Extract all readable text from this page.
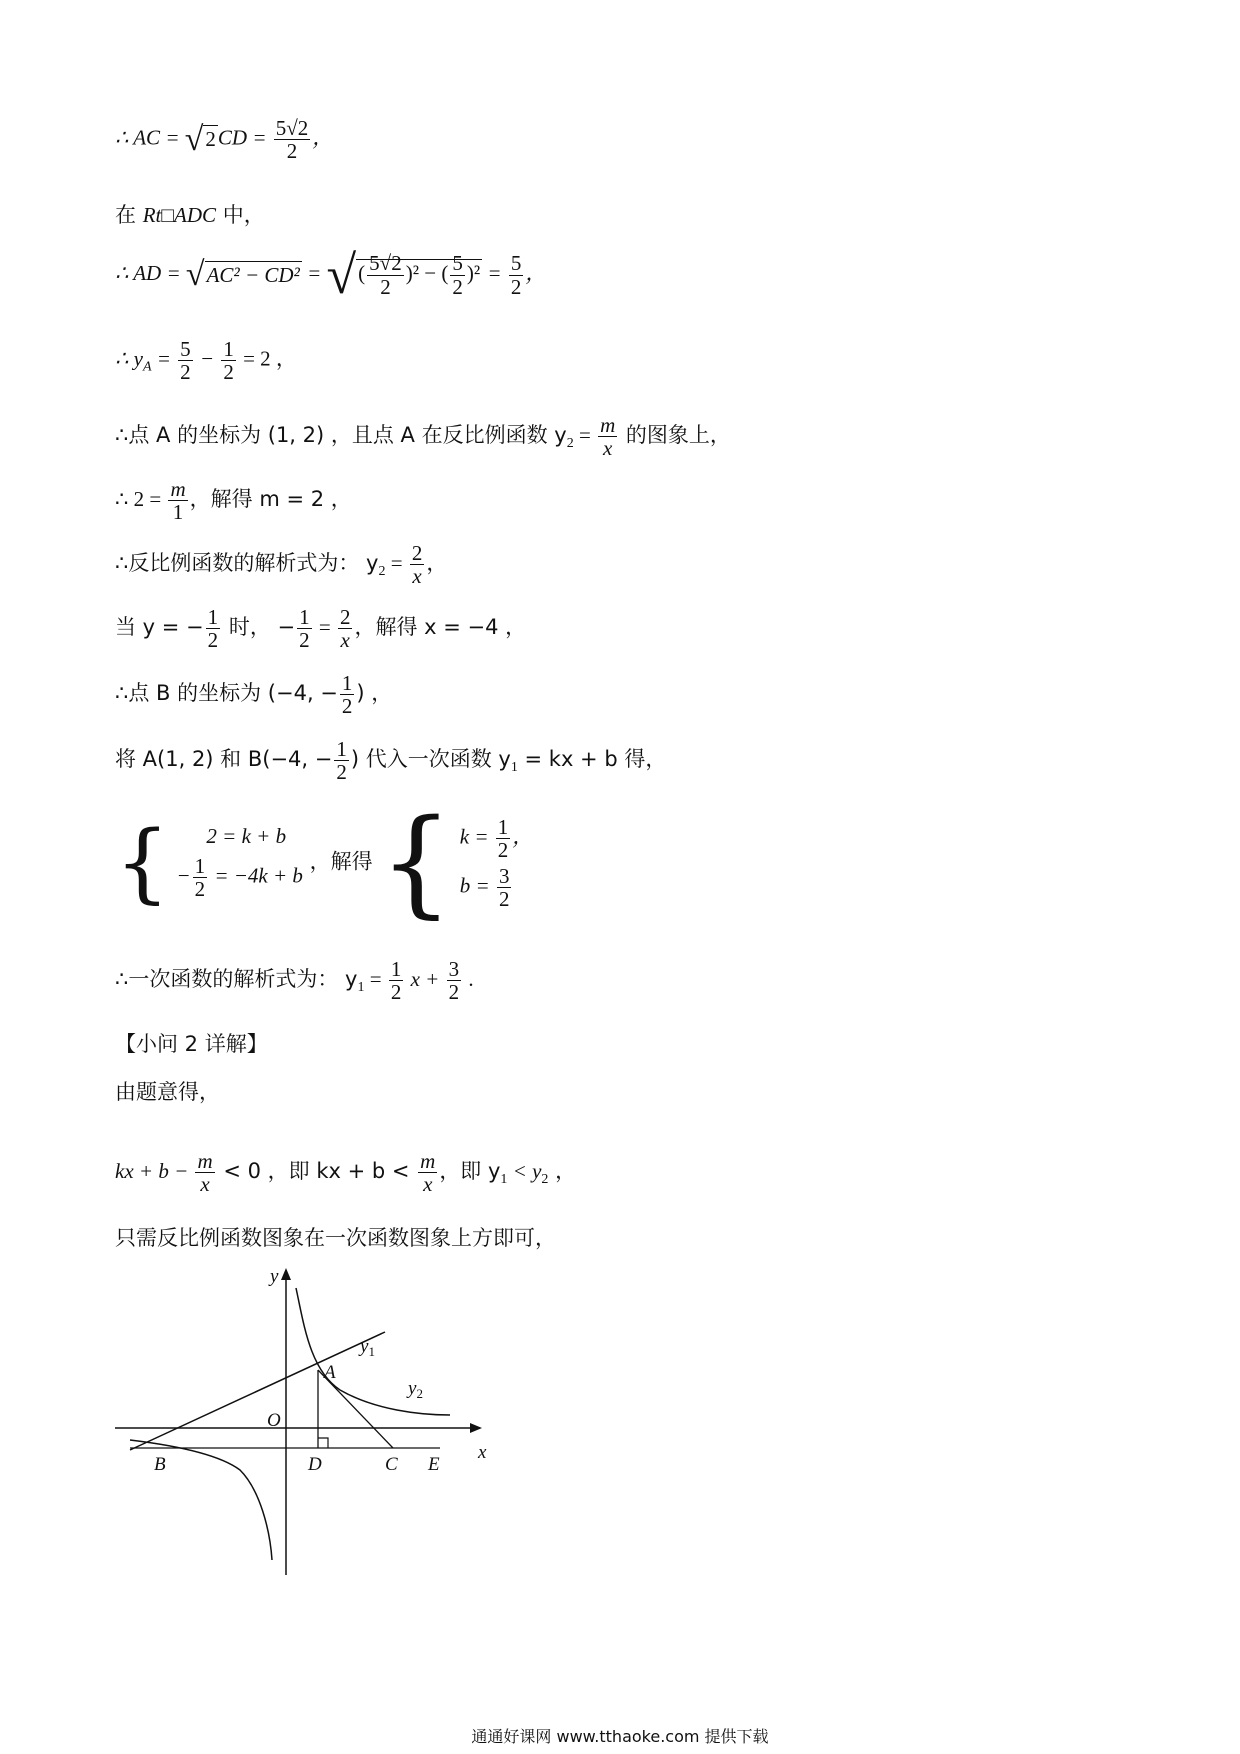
∴ AC = $√2CD = \frac{5√2}{2}$ ，
在 Rt□ADC 中，
∴ AD = √AC² − CD² = √( $\frac{5√2}{2} )^2$ − ( $\frac{5}{2} )^2 = \frac{5}{2}$ ，
∴ $y_A = \frac{5}{2} - \frac{1}{2} = 2$ ，
∴点 A 的坐标为 (1, 2) ，且点 A 在反比例函数 $y_2 = \frac{m}{x}$ 的图象上，
∴ $2 = \frac{m}{1}$ ，解得 m = 2 ，
∴反比例函数的解析式为： $y_2 = \frac{2}{x}$ ，
当 y = − $\frac{1}{2}$ 时， − $\frac{1}{2} = \frac{2}{x}$ ，解得 x = −4 ，
∴点 B 的坐标为 (−4, − $\frac{1}{2}$ ) ，
将 A(1, 2) 和 B(−4, − $\frac{1}{2}$ ) 代入一次函数 $y_1$ = kx + b 得，
{	2 = k + b
− $\frac{1}{2} = -4k + b$
，解得 { $k = \frac{1}{2}$ ，
$b = \frac{3}{2}$
∴一次函数的解析式为： $y_1 = \frac{1}{2}$ $x + \frac{3}{2}$ .
【小问 2 详解】
由题意得，
kx + $b - \frac{m}{x} < 0$ ，即 kx + $b < \frac{m}{x}$ ，即 $y_1 < y_2$ ，
只需反比例函数图象在一次函数图象上方即可，
y
x
O
A
B	D	C E
$y_1$
$y_2$
通通好课网 www.tthaoke.com 提供下载
